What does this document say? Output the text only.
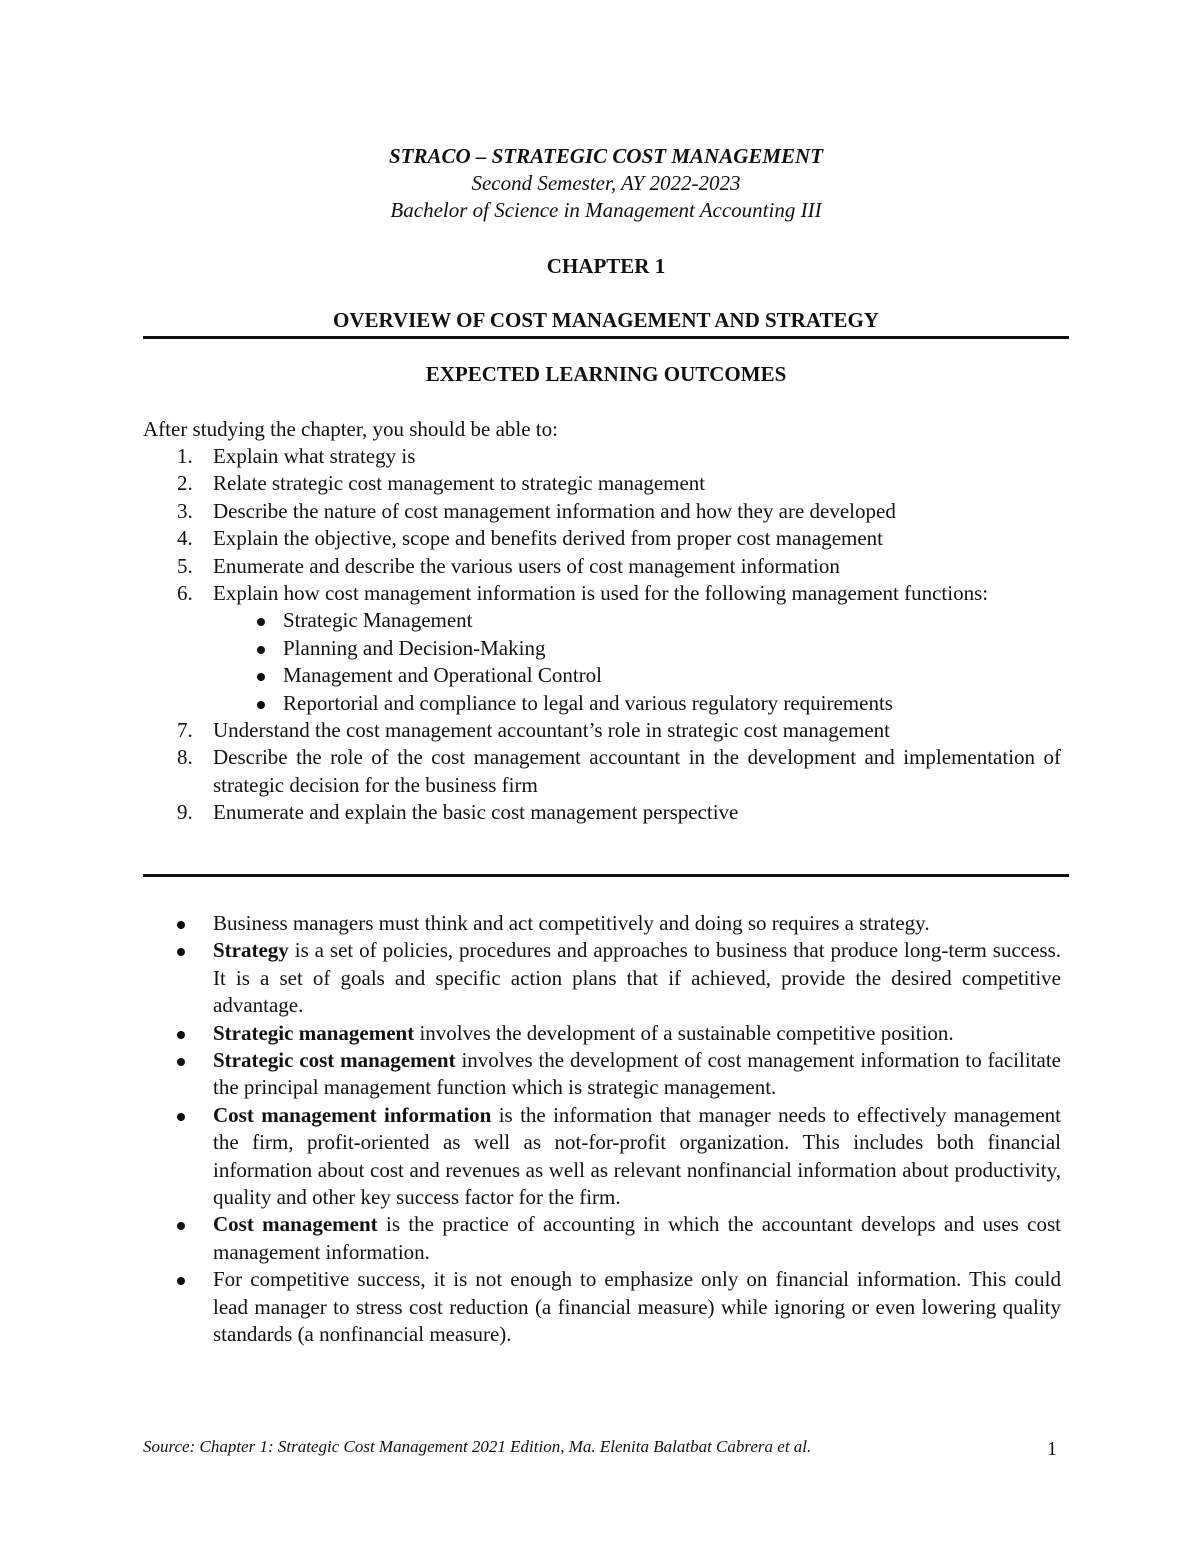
STRACO – STRATEGIC COST MANAGEMENT
Second Semester, AY 2022-2023
Bachelor of Science in Management Accounting III
CHAPTER 1
OVERVIEW OF COST MANAGEMENT AND STRATEGY
EXPECTED LEARNING OUTCOMES
After studying the chapter, you should be able to:
1. Explain what strategy is
2. Relate strategic cost management to strategic management
3. Describe the nature of cost management information and how they are developed
4. Explain the objective, scope and benefits derived from proper cost management
5. Enumerate and describe the various users of cost management information
6. Explain how cost management information is used for the following management functions:
Strategic Management
Planning and Decision-Making
Management and Operational Control
Reportorial and compliance to legal and various regulatory requirements
7. Understand the cost management accountant’s role in strategic cost management
8. Describe the role of the cost management accountant in the development and implementation of strategic decision for the business firm
9. Enumerate and explain the basic cost management perspective
Business managers must think and act competitively and doing so requires a strategy.
Strategy is a set of policies, procedures and approaches to business that produce long-term success. It is a set of goals and specific action plans that if achieved, provide the desired competitive advantage.
Strategic management involves the development of a sustainable competitive position.
Strategic cost management involves the development of cost management information to facilitate the principal management function which is strategic management.
Cost management information is the information that manager needs to effectively management the firm, profit-oriented as well as not-for-profit organization. This includes both financial information about cost and revenues as well as relevant nonfinancial information about productivity, quality and other key success factor for the firm.
Cost management is the practice of accounting in which the accountant develops and uses cost management information.
For competitive success, it is not enough to emphasize only on financial information. This could lead manager to stress cost reduction (a financial measure) while ignoring or even lowering quality standards (a nonfinancial measure).
Source: Chapter 1: Strategic Cost Management 2021 Edition, Ma. Elenita Balatbat Cabrera et al.	1
